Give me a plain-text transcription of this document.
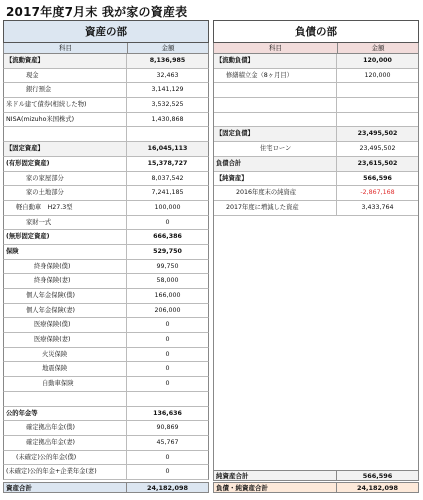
2017年度7月末 我が家の資産表
資産の部
科目	金額
【流動資産】	8,136,985
現金	32,463
銀行預金	3,141,129
米ドル建て債券(相続した物)	3,532,525
NISA(mizuho米国株式)	1,430,868
【固定資産】	16,045,113
(有形固定資産)	15,378,727
家の家屋部分	8,037,542
家の土地部分	7,241,185
軽自動車　H27.3型	100,000
家財一式	0
(無形固定資産)	666,386
保険	529,750
終身保険(僕)	99,750
終身保険(妻)	58,000
個人年金保険(僕)	166,000
個人年金保険(妻)	206,000
医療保険(僕)	0
医療保険(妻)	0
火災保険	0
地震保険	0
自動車保険	0
公的年金等	136,636
確定拠出年金(僕)	90,869
確定拠出年金(妻)	45,767
(未確定)公的年金(僕)	0
(未確定)公的年金+企業年金(妻)	0
負債の部
科目	金額
【流動負債】	120,000
修繕積立金（8ヶ月目）	120,000
【固定負債】	23,495,502
住宅ローン	23,495,502
負債合計	23,615,502
【純資産】	566,596
2016年度末の純資産	-2,867,168
2017年度に増減した資産	3,433,764
純資産合計	566,596
資産合計	24,182,098	負債・純資産合計	24,182,098
